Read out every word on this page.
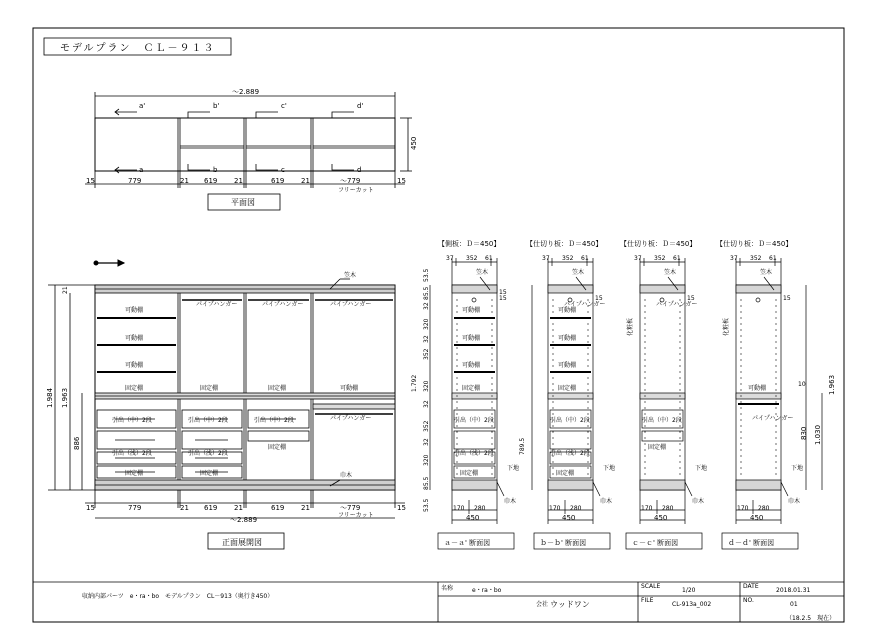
モデルプラン　ＣＬ－９１３
～2.889
a'	b'	c'	d'
a	b	c	d
450
15	779	21 619 21	619 21	～779	15
フリーカット
平面図
笠木
可動棚
可動棚
可動棚
固定棚	固定棚	固定棚	可動棚
パイプハンガー	パイプハンガー	パイプハンガー
パイプハンガー
引出（中）2段	引出（中）2段	引出（中）2段
引出（浅）2段	引出（浅）2段
固定棚	固定棚
固定棚
巾木
1.984 1.963
21
886
15	779	21 619 21	619 21	～779	15
フリーカット
～2.889
正面展開図
【側板：Ｄ＝450】	【仕切り板：Ｄ＝450】	【仕切り板：Ｄ＝450】	【仕切り板：Ｄ＝450】
37 352 61
笠木
15
下地
巾木
170 280
450
ａ－ａ' 断面図
可動棚
可動棚
可動棚
固定棚
引出（中）2段
引出（浅）2段
固定棚
15
37 352 61
笠木
15
下地
巾木
170 280
450
ｂ－ｂ' 断面図
可動棚
可動棚
可動棚
固定棚
引出（中）2段
引出（浅）2段
固定棚
パイプハンガー
37 352 61
笠木
15
下地
巾木
170 280
450
ｃ－ｃ' 断面図
パイプハンガー
引出（中）2段
固定棚
化粧板
37 352 61
笠木
15
下地
巾木
170 280
450
ｄ－ｄ' 断面図
可動棚
パイプハンガー
化粧板
10
53.5
85.5
32
320
32
352
1.792 320
32
352
32
320
85.5
53.5
789.5
1.963
1.030
830
収納内部パーツ　e・ra・bo　モデルプラン　CL－913（奥行き450）
名称	e・ra・bo
会社 ウッドワン
SCALE
1/20
DATE
2018.01.31
FILE
CL-913a_002
NO.
01
（18.2.5　現在）
